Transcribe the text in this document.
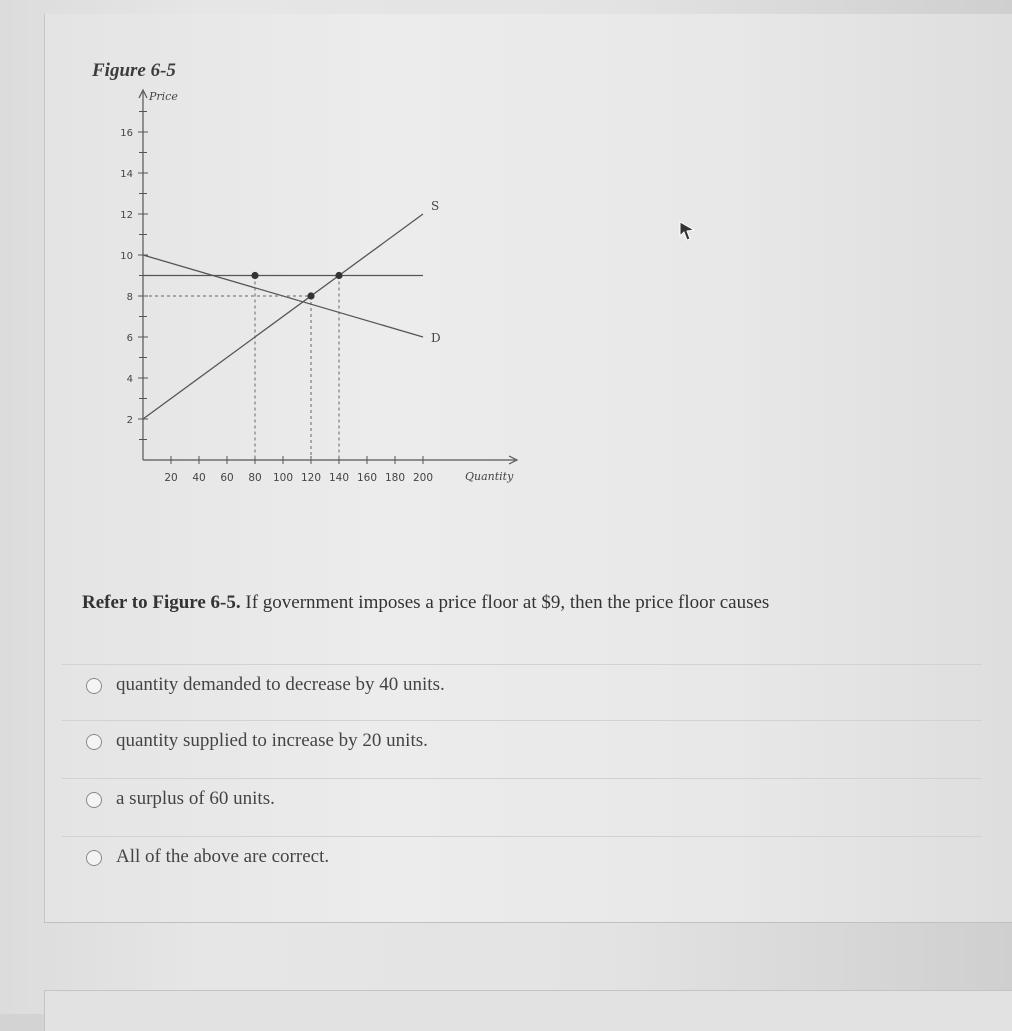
Figure 6-5
Price
Quantity
2
4
6
8
10
12
14
16
20 40 60 80 100 120 140 160 180 200
S
D
Refer to Figure 6-5. If government imposes a price floor at $9, then the price floor causes
quantity demanded to decrease by 40 units.
quantity supplied to increase by 20 units.
a surplus of 60 units.
All of the above are correct.
